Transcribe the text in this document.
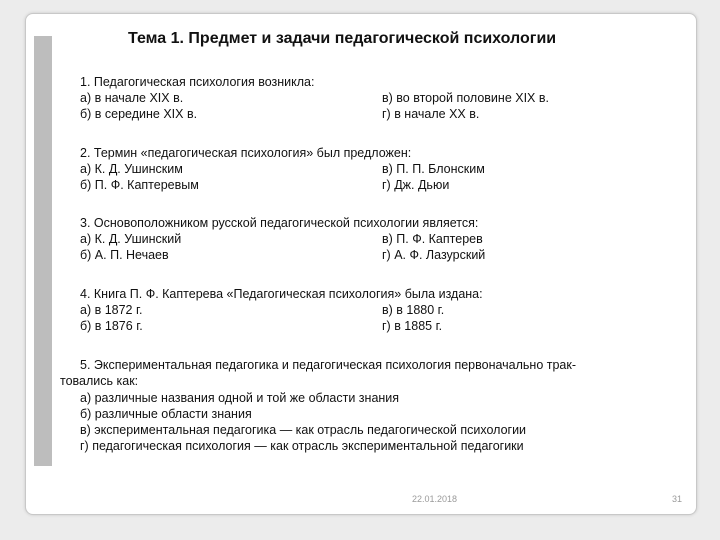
Тема 1. Предмет и задачи педагогической психологии
1. Педагогическая психология возникла:
а) в начале XIX в.	в) во второй половине XIX в.
б) в середине XIX в.	г) в начале XX в.
2. Термин «педагогическая психология» был предложен:
а) К. Д. Ушинским	в) П. П. Блонским
б) П. Ф. Каптеревым	г) Дж. Дьюи
3. Основоположником русской педагогической психологии является:
а) К. Д. Ушинский	в) П. Ф. Каптерев
б) А. П. Нечаев	г) А. Ф. Лазурский
4. Книга П. Ф. Каптерева «Педагогическая психология» была издана:
а) в 1872 г.	в) в 1880 г.
б) в 1876 г.	г) в 1885 г.
5. Экспериментальная педагогика и педагогическая психология первоначально трак-
товались как:
а) различные названия одной и той же области знания
б) различные области знания
в) экспериментальная педагогика — как отрасль педагогической психологии
г) педагогическая психология — как отрасль экспериментальной педагогики
22.01.2018	31
